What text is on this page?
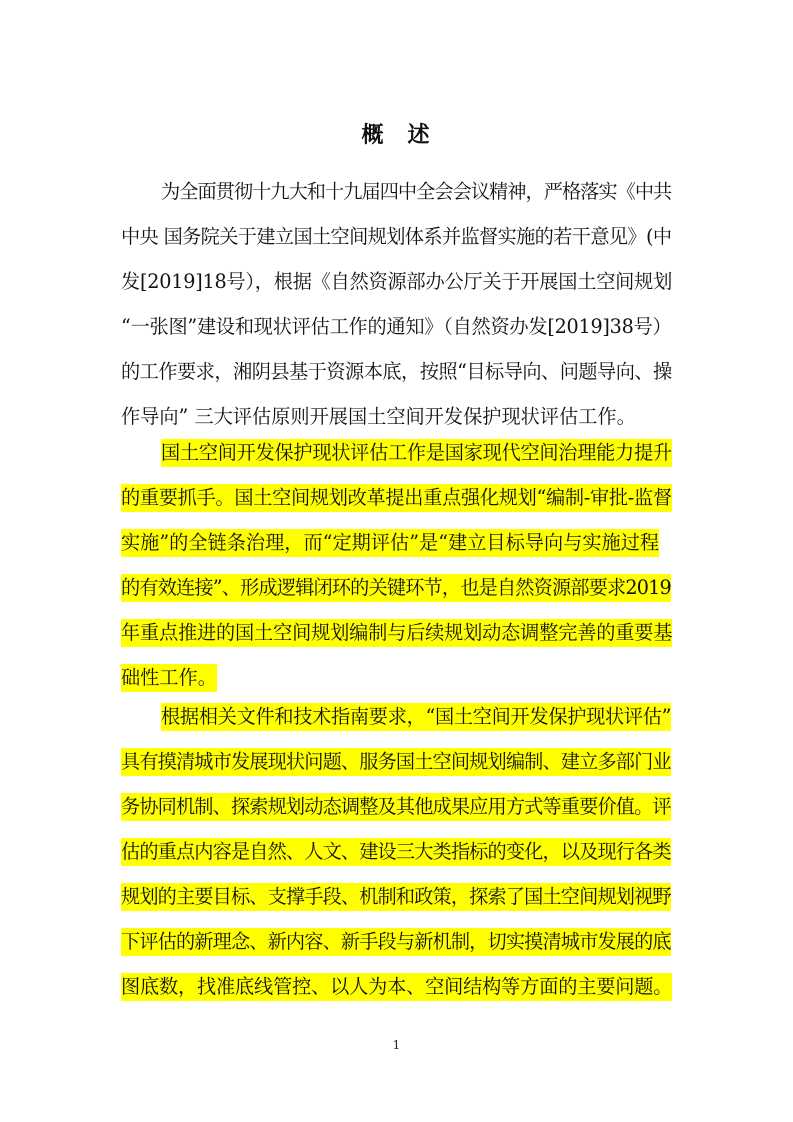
概 述
为全面贯彻十九大和十九届四中全会会议精神，严格落实《中共
中央 国务院关于建立国土空间规划体系并监督实施的若干意见》(中
发[2019]18号），根据《自然资源部办公厅关于开展国土空间规划
“一张图”建设和现状评估工作的通知》（自然资办发[2019]38号）
的工作要求，湘阴县基于资源本底，按照“目标导向、问题导向、操
作导向” 三大评估原则开展国土空间开发保护现状评估工作。
国土空间开发保护现状评估工作是国家现代空间治理能力提升
的重要抓手。国土空间规划改革提出重点强化规划“编制-审批-监督
实施”的全链条治理，而“定期评估”是“建立目标导向与实施过程
的有效连接”、形成逻辑闭环的关键环节，也是自然资源部要求2019
年重点推进的国土空间规划编制与后续规划动态调整完善的重要基
础性工作。
根据相关文件和技术指南要求，“国土空间开发保护现状评估”
具有摸清城市发展现状问题、服务国土空间规划编制、建立多部门业
务协同机制、探索规划动态调整及其他成果应用方式等重要价值。评
估的重点内容是自然、人文、建设三大类指标的变化，以及现行各类
规划的主要目标、支撑手段、机制和政策，探索了国土空间规划视野
下评估的新理念、新内容、新手段与新机制，切实摸清城市发展的底
图底数，找准底线管控、以人为本、空间结构等方面的主要问题。
1
